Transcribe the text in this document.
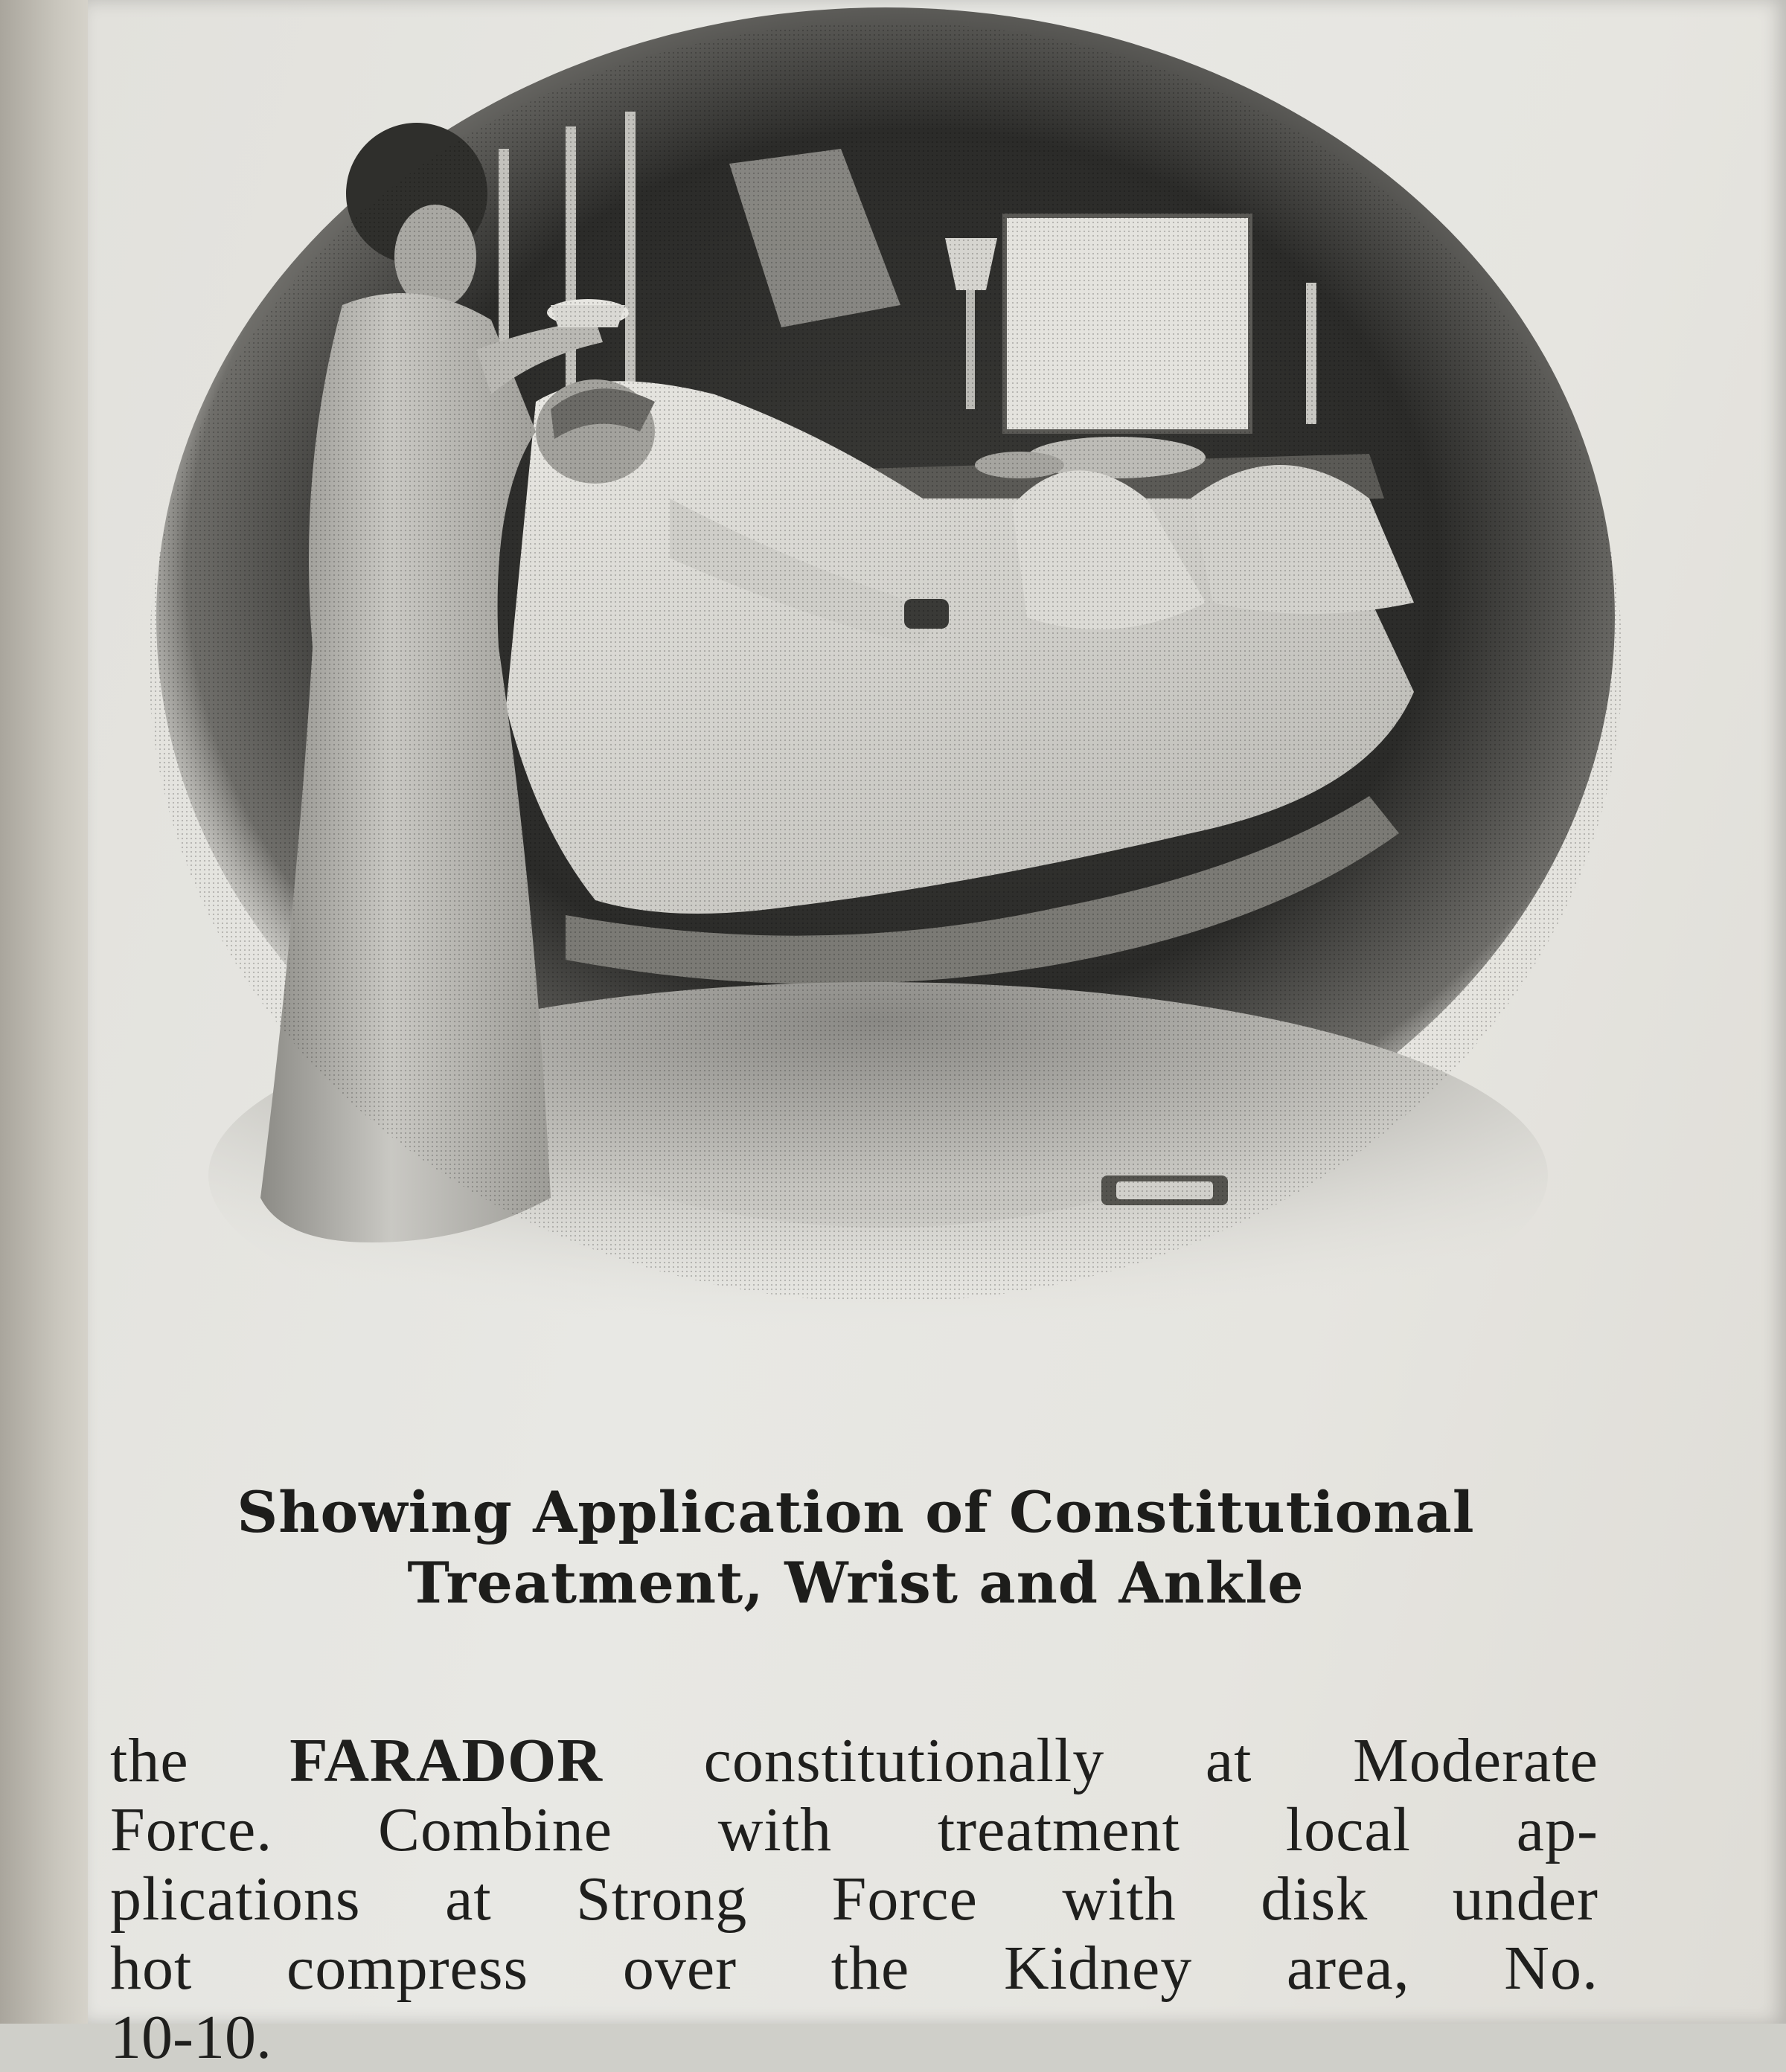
Showing Application of Constitutional
Treatment, Wrist and Ankle
the FARADOR constitutionally at Moderate
Force. Combine with treatment local ap-
plications at Strong Force with disk under
hot compress over the Kidney area, No.
10-10.
